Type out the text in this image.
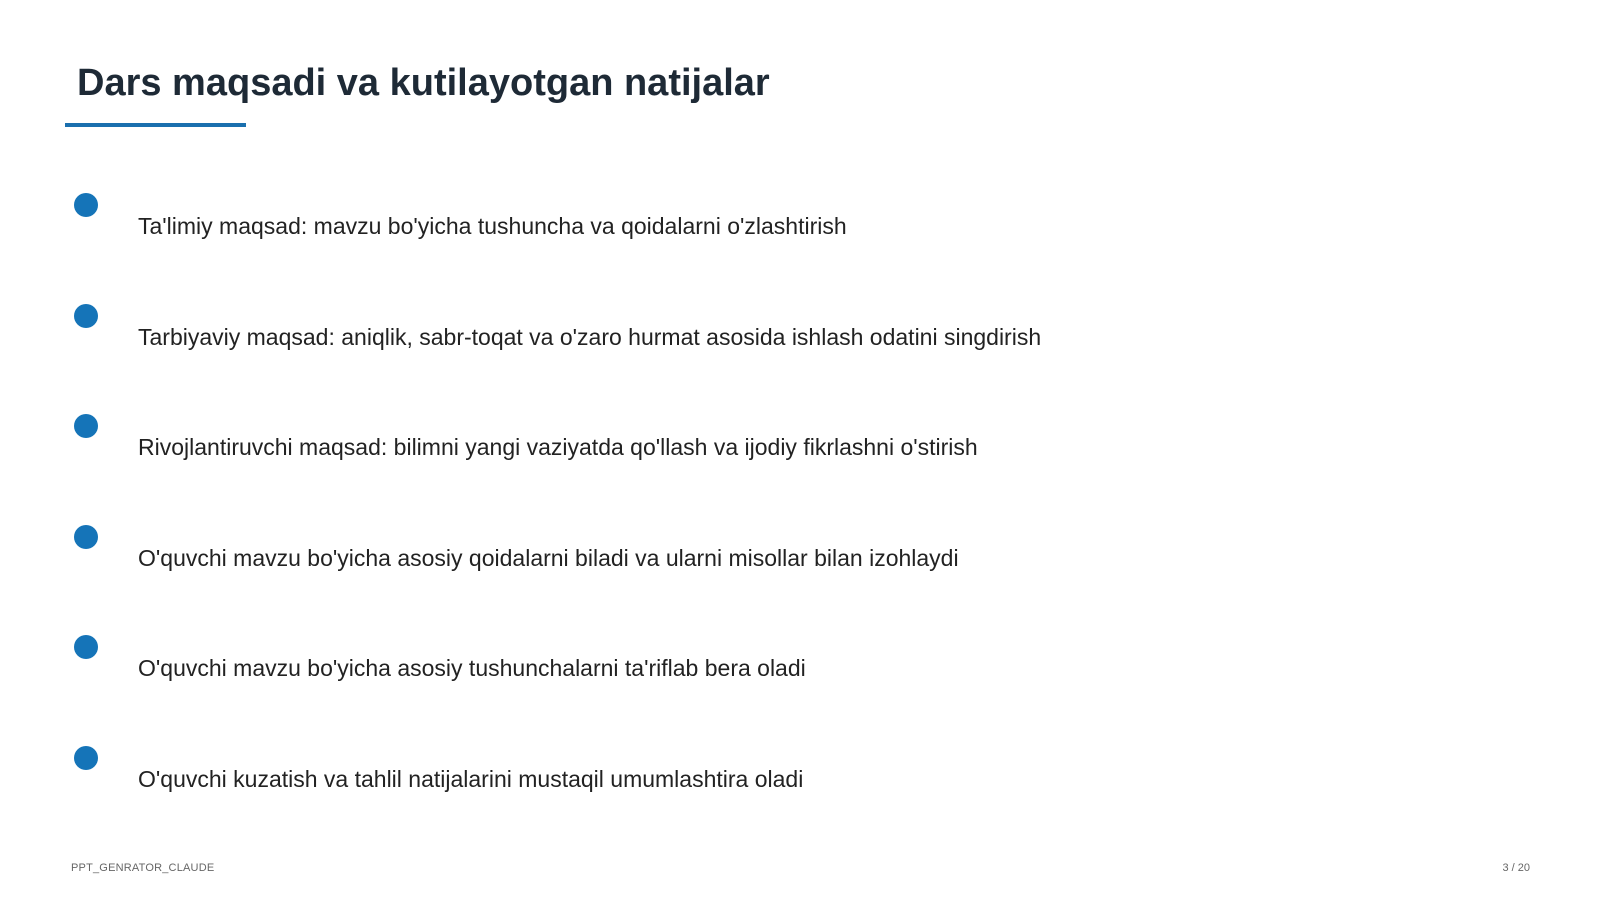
Dars maqsadi va kutilayotgan natijalar
Ta'limiy maqsad: mavzu bo'yicha tushuncha va qoidalarni o'zlashtirish
Tarbiyaviy maqsad: aniqlik, sabr-toqat va o'zaro hurmat asosida ishlash odatini singdirish
Rivojlantiruvchi maqsad: bilimni yangi vaziyatda qo'llash va ijodiy fikrlashni o'stirish
O'quvchi mavzu bo'yicha asosiy qoidalarni biladi va ularni misollar bilan izohlaydi
O'quvchi mavzu bo'yicha asosiy tushunchalarni ta'riflab bera oladi
O'quvchi kuzatish va tahlil natijalarini mustaqil umumlashtira oladi
PPT_GENRATOR_CLAUDE	3 / 20
